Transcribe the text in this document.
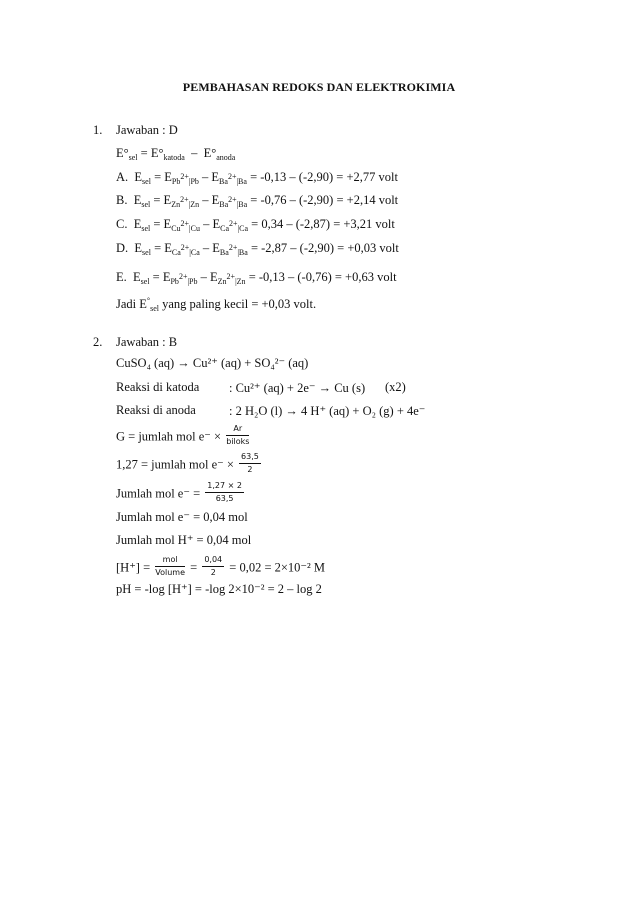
PEMBAHASAN REDOKS DAN ELEKTROKIMIA
1. Jawaban : D
$E^\circ_{sel} = E^\circ_{katoda} - E^\circ_{anoda}$
A.  $E_{sel} = E_{Pb2+|Pb} - E_{Ba2+|Ba} = -0,13 - (-2,90) = +2,77$ volt
B.  $E_{sel} = E_{Zn2+|Zn} - E_{Ba2+|Ba} = -0,76 - (-2,90) = +2,14$ volt
C.  $E_{sel} = E_{Cu2+|Cu} - E_{Ca2+|Ca} = 0,34 - (-2,87) = +3,21$ volt
D.  $E_{sel} = E_{Ca2+|Ca} - E_{Ba2+|Ba} = -2,87 - (-2,90) = +0,03$ volt
E.  $E_{sel} = E_{Pb2+|Pb} - E_{Zn2+|Zn} = -0,13 - (-0,76) = +0,63$ volt
Jadi $E^\circ_{sel}$ yang paling kecil = +0,03 volt.
2. Jawaban : B
CuSO₄ (aq) → Cu²⁺ (aq) + SO₄²⁻ (aq)
Reaksi di katoda : Cu²⁺ (aq) + 2e⁻ → Cu (s) (x2)
Reaksi di anoda	: 2 H₂O (l) → 4 H⁺ (aq) + O₂ (g) + 4e⁻
G = jumlah mol $e^- \times \frac{Ar}{\text{biloks}}$
1,27 = jumlah mol $e^- \times \frac{63,5}{2}$
Jumlah mol $e^- = \frac{1,27 \times 2}{63,5}$
Jumlah mol e⁻ = 0,04 mol
Jumlah mol H⁺ = 0,04 mol
$[H^+] = \frac{\text{mol}}{\text{Volume}} = \frac{0,04}{2} = 0,02 = 2\times 10^{-2}$ M
pH = -log [H⁺] = -log 2×10⁻² = 2 – log 2
